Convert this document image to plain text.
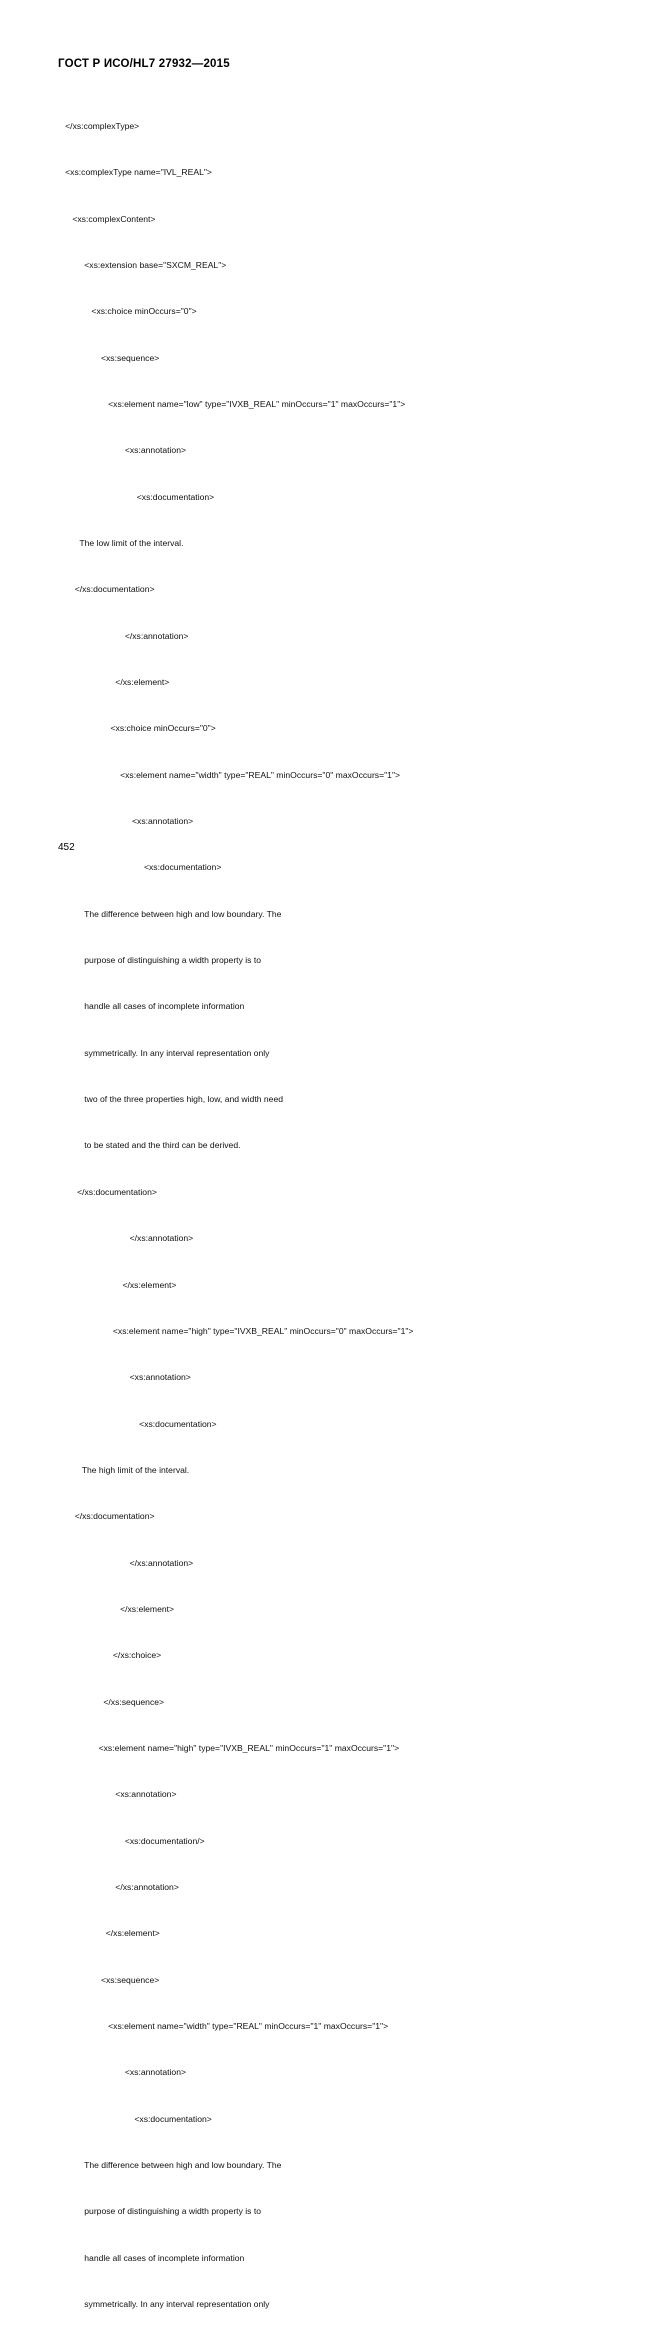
ГОСТ Р ИСО/HL7 27932—2015

</xs:complexType>

<xs:complexType name="IVL_REAL">

<xs:complexContent>

<xs:extension base="SXCM_REAL">

<xs:choice minOccurs="0">

<xs:sequence>

<xs:element name="low" type="IVXB_REAL" minOccurs="1" maxOccurs="1">

<xs:annotation>

<xs:documentation>

The low limit of the interval.

</xs:documentation>

</xs:annotation>

</xs:element>

<xs:choice minOccurs="0">

<xs:element name="width" type="REAL" minOccurs="0" maxOccurs="1">

<xs:annotation>

<xs:documentation>

The difference between high and low boundary. The

purpose of distinguishing a width property is to

handle all cases of incomplete information

symmetrically. In any interval representation only

two of the three properties high, low, and width need

to be stated and the third can be derived.

</xs:documentation>

</xs:annotation>

</xs:element>

<xs:element name="high" type="IVXB_REAL" minOccurs="0" maxOccurs="1">

<xs:annotation>

<xs:documentation>

The high limit of the interval.

</xs:documentation>

</xs:annotation>

</xs:element>

</xs:choice>

</xs:sequence>

<xs:element name="high" type="IVXB_REAL" minOccurs="1" maxOccurs="1">

<xs:annotation>

<xs:documentation/>

</xs:annotation>

</xs:element>

<xs:sequence>

<xs:element name="width" type="REAL" minOccurs="1" maxOccurs="1">

<xs:annotation>

<xs:documentation>

The difference between high and low boundary. The

purpose of distinguishing a width property is to

handle all cases of incomplete information

symmetrically. In any interval representation only

452
